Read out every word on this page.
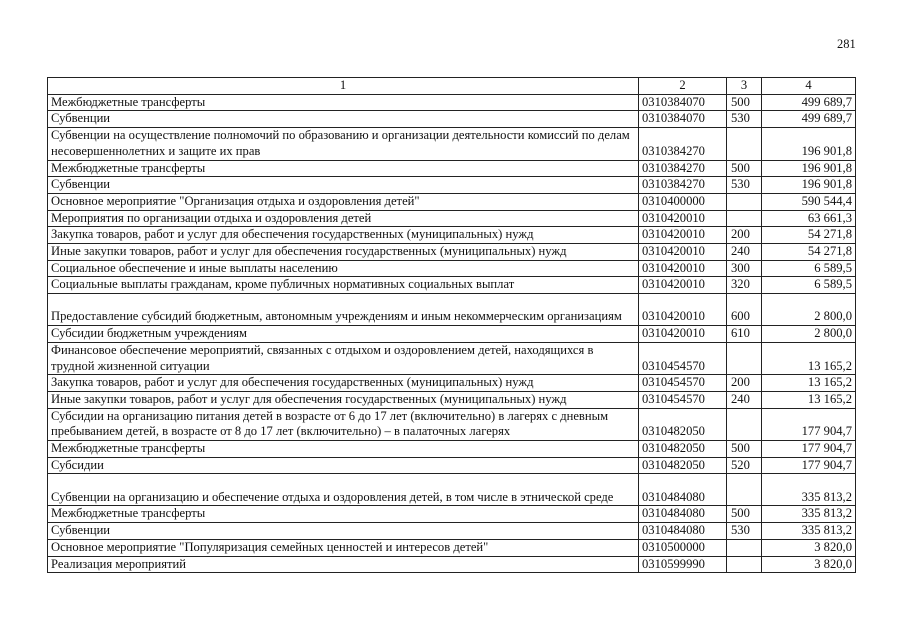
281
1	2	3	4
Межбюджетные трансферты	0310384070	500	499 689,7
Субвенции	0310384070	530	499 689,7
Субвенции на осуществление полномочий по образованию и организации деятельности комиссий по делам несовершеннолетних и защите их прав	0310384270		196 901,8
Межбюджетные трансферты	0310384270	500	196 901,8
Субвенции	0310384270	530	196 901,8
Основное мероприятие "Организация отдыха и оздоровления детей"	0310400000		590 544,4
Мероприятия по организации отдыха и оздоровления детей	0310420010		63 661,3
Закупка товаров, работ и услуг для обеспечения государственных (муниципальных) нужд	0310420010	200	54 271,8
Иные закупки товаров, работ и услуг для обеспечения государственных (муниципальных) нужд	0310420010	240	54 271,8
Социальное обеспечение и иные выплаты населению	0310420010	300	6 589,5
Социальные выплаты гражданам, кроме публичных нормативных социальных выплат	0310420010	320	6 589,5
Предоставление субсидий бюджетным, автономным учреждениям и иным некоммерческим организациям	0310420010	600	2 800,0
Субсидии бюджетным учреждениям	0310420010	610	2 800,0
Финансовое обеспечение мероприятий, связанных с отдыхом и оздоровлением детей, находящихся в трудной жизненной ситуации	0310454570		13 165,2
Закупка товаров, работ и услуг для обеспечения государственных (муниципальных) нужд	0310454570	200	13 165,2
Иные закупки товаров, работ и услуг для обеспечения государственных (муниципальных) нужд	0310454570	240	13 165,2
Субсидии на организацию питания детей в возрасте от 6 до 17 лет (включительно) в лагерях с дневным пребыванием детей, в возрасте от 8 до 17 лет (включительно) – в палаточных лагерях	0310482050		177 904,7
Межбюджетные трансферты	0310482050	500	177 904,7
Субсидии	0310482050	520	177 904,7
Субвенции на организацию и обеспечение отдыха и оздоровления детей, в том числе в этнической среде	0310484080		335 813,2
Межбюджетные трансферты	0310484080	500	335 813,2
Субвенции	0310484080	530	335 813,2
Основное мероприятие "Популяризация семейных ценностей и интересов детей"	0310500000		3 820,0
Реализация мероприятий	0310599990		3 820,0
